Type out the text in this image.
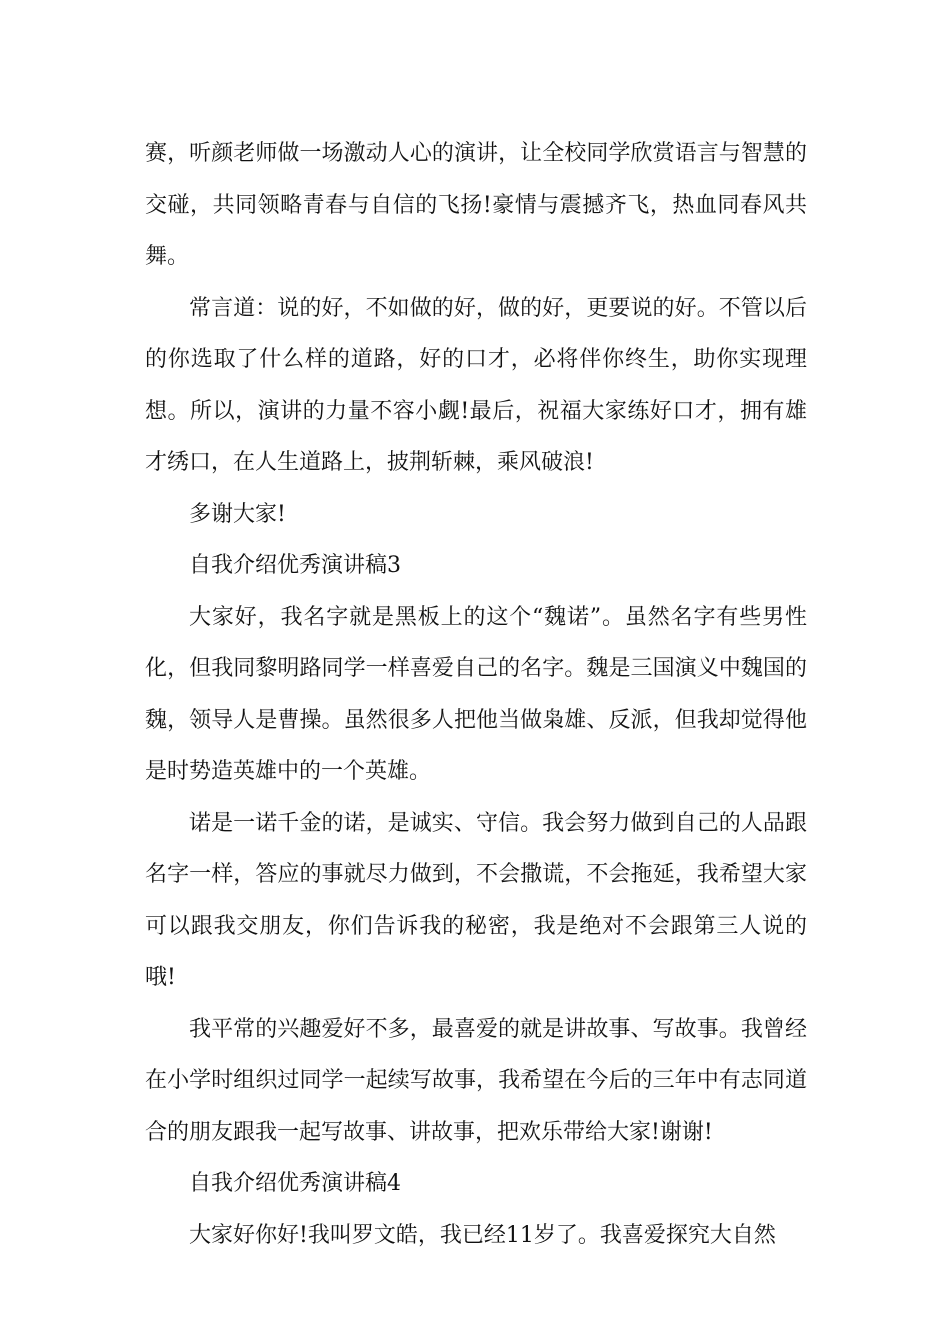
赛，听颜老师做一场激动人心的演讲，让全校同学欣赏语言与智慧的交碰，共同领略青春与自信的飞扬!豪情与震撼齐飞，热血同春风共舞。

常言道：说的好，不如做的好，做的好，更要说的好。不管以后的你选取了什么样的道路，好的口才，必将伴你终生，助你实现理想。所以，演讲的力量不容小觑!最后，祝福大家练好口才，拥有雄才绣口，在人生道路上，披荆斩棘，乘风破浪!

多谢大家!

自我介绍优秀演讲稿3

大家好，我名字就是黑板上的这个“魏诺”。虽然名字有些男性化，但我同黎明路同学一样喜爱自己的名字。魏是三国演义中魏国的魏，领导人是曹操。虽然很多人把他当做枭雄、反派，但我却觉得他是时势造英雄中的一个英雄。

诺是一诺千金的诺，是诚实、守信。我会努力做到自己的人品跟名字一样，答应的事就尽力做到，不会撒谎，不会拖延，我希望大家可以跟我交朋友，你们告诉我的秘密，我是绝对不会跟第三人说的哦!

我平常的兴趣爱好不多，最喜爱的就是讲故事、写故事。我曾经在小学时组织过同学一起续写故事，我希望在今后的三年中有志同道合的朋友跟我一起写故事、讲故事，把欢乐带给大家!谢谢!

自我介绍优秀演讲稿4

大家好你好!我叫罗文皓，我已经11岁了。我喜爱探究大自然
